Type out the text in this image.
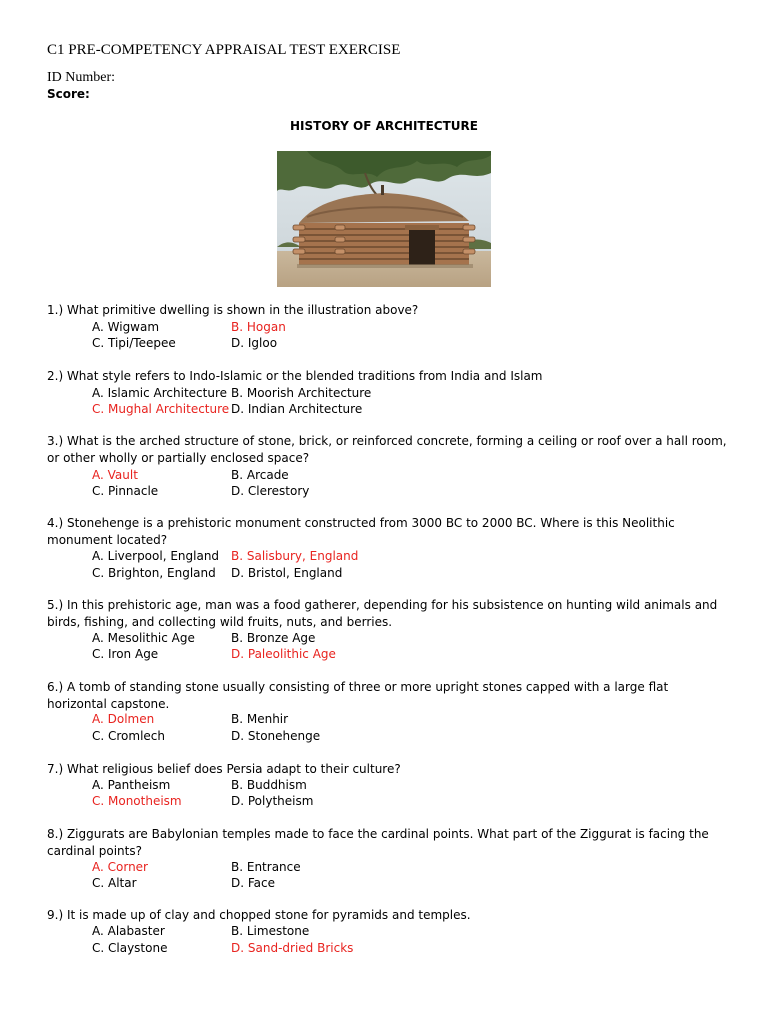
C1 PRE-COMPETENCY APPRAISAL TEST EXERCISE
ID Number:
Score:
HISTORY OF ARCHITECTURE
1.) What primitive dwelling is shown in the illustration above?
A. Wigwam	B. Hogan
C. Tipi/Teepee	D. Igloo
2.) What style refers to Indo-Islamic or the blended traditions from India and Islam
A. Islamic Architecture B. Moorish Architecture
C. Mughal Architecture D. Indian Architecture
3.) What is the arched structure of stone, brick, or reinforced concrete, forming a ceiling or roof over a hall room, or other wholly or partially enclosed space?
A. Vault	B. Arcade
C. Pinnacle	D. Clerestory
4.) Stonehenge is a prehistoric monument constructed from 3000 BC to 2000 BC. Where is this Neolithic monument located?
A. Liverpool, England B. Salisbury, England
C. Brighton, England D. Bristol, England
5.) In this prehistoric age, man was a food gatherer, depending for his subsistence on hunting wild animals and birds, fishing, and collecting wild fruits, nuts, and berries.
A. Mesolithic Age	B. Bronze Age
C. Iron Age	D. Paleolithic Age
6.) A tomb of standing stone usually consisting of three or more upright stones capped with a large flat horizontal capstone.
A. Dolmen	B. Menhir
C. Cromlech	D. Stonehenge
7.) What religious belief does Persia adapt to their culture?
A. Pantheism	B. Buddhism
C. Monotheism	D. Polytheism
8.) Ziggurats are Babylonian temples made to face the cardinal points. What part of the Ziggurat is facing the cardinal points?
A. Corner	B. Entrance
C. Altar	D. Face
9.) It is made up of clay and chopped stone for pyramids and temples.
A. Alabaster	B. Limestone
C. Claystone	D. Sand-dried Bricks
